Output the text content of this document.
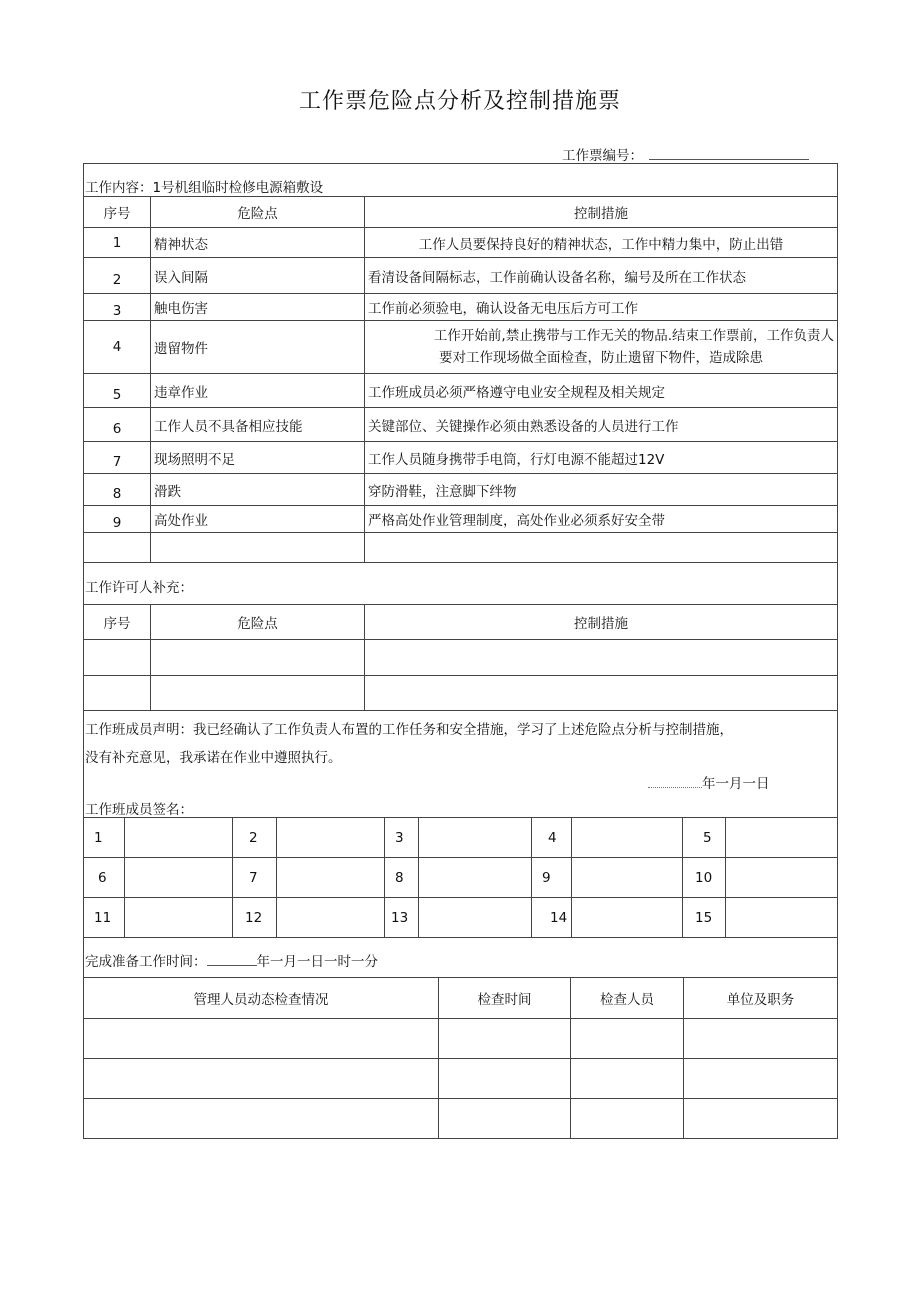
工作票危险点分析及控制措施票
工作票编号：
工作内容：1号机组临时检修电源箱敷设
序号	危险点	控制措施
1	精神状态	工作人员要保持良好的精神状态，工作中精力集中，防止出错
2	误入间隔	看清设备间隔标志，工作前确认设备名称，编号及所在工作状态
3	触电伤害	工作前必须验电，确认设备无电压后方可工作
4	遗留物件	工作开始前,禁止携带与工作无关的物品.结束工作票前，工作负责人
要对工作现场做全面检查，防止遗留下物件，造成除患

5	违章作业	工作班成员必须严格遵守电业安全规程及相关规定
6	工作人员不具备相应技能	关键部位、关键操作必须由熟悉设备的人员进行工作
7	现场照明不足	工作人员随身携带手电筒，行灯电源不能超过12V
8	滑跌	穿防滑鞋，注意脚下绊物
9	高处作业	严格高处作业管理制度，高处作业必须系好安全带

工作许可人补充：
序号	危险点	控制措施

工作班成员声明：我已经确认了工作负责人布置的工作任务和安全措施，学习了上述危险点分析与控制措施，
没有补充意见，我承诺在作业中遵照执行。
年一月一日
工作班成员签名：
1		2		3		4		5	
6		7		8		9		10	
11		12		13		14		15	
完成准备工作时间：	年一月一日一时一分
管理人员动态检查情况	检查时间	检查人员	单位及职务
